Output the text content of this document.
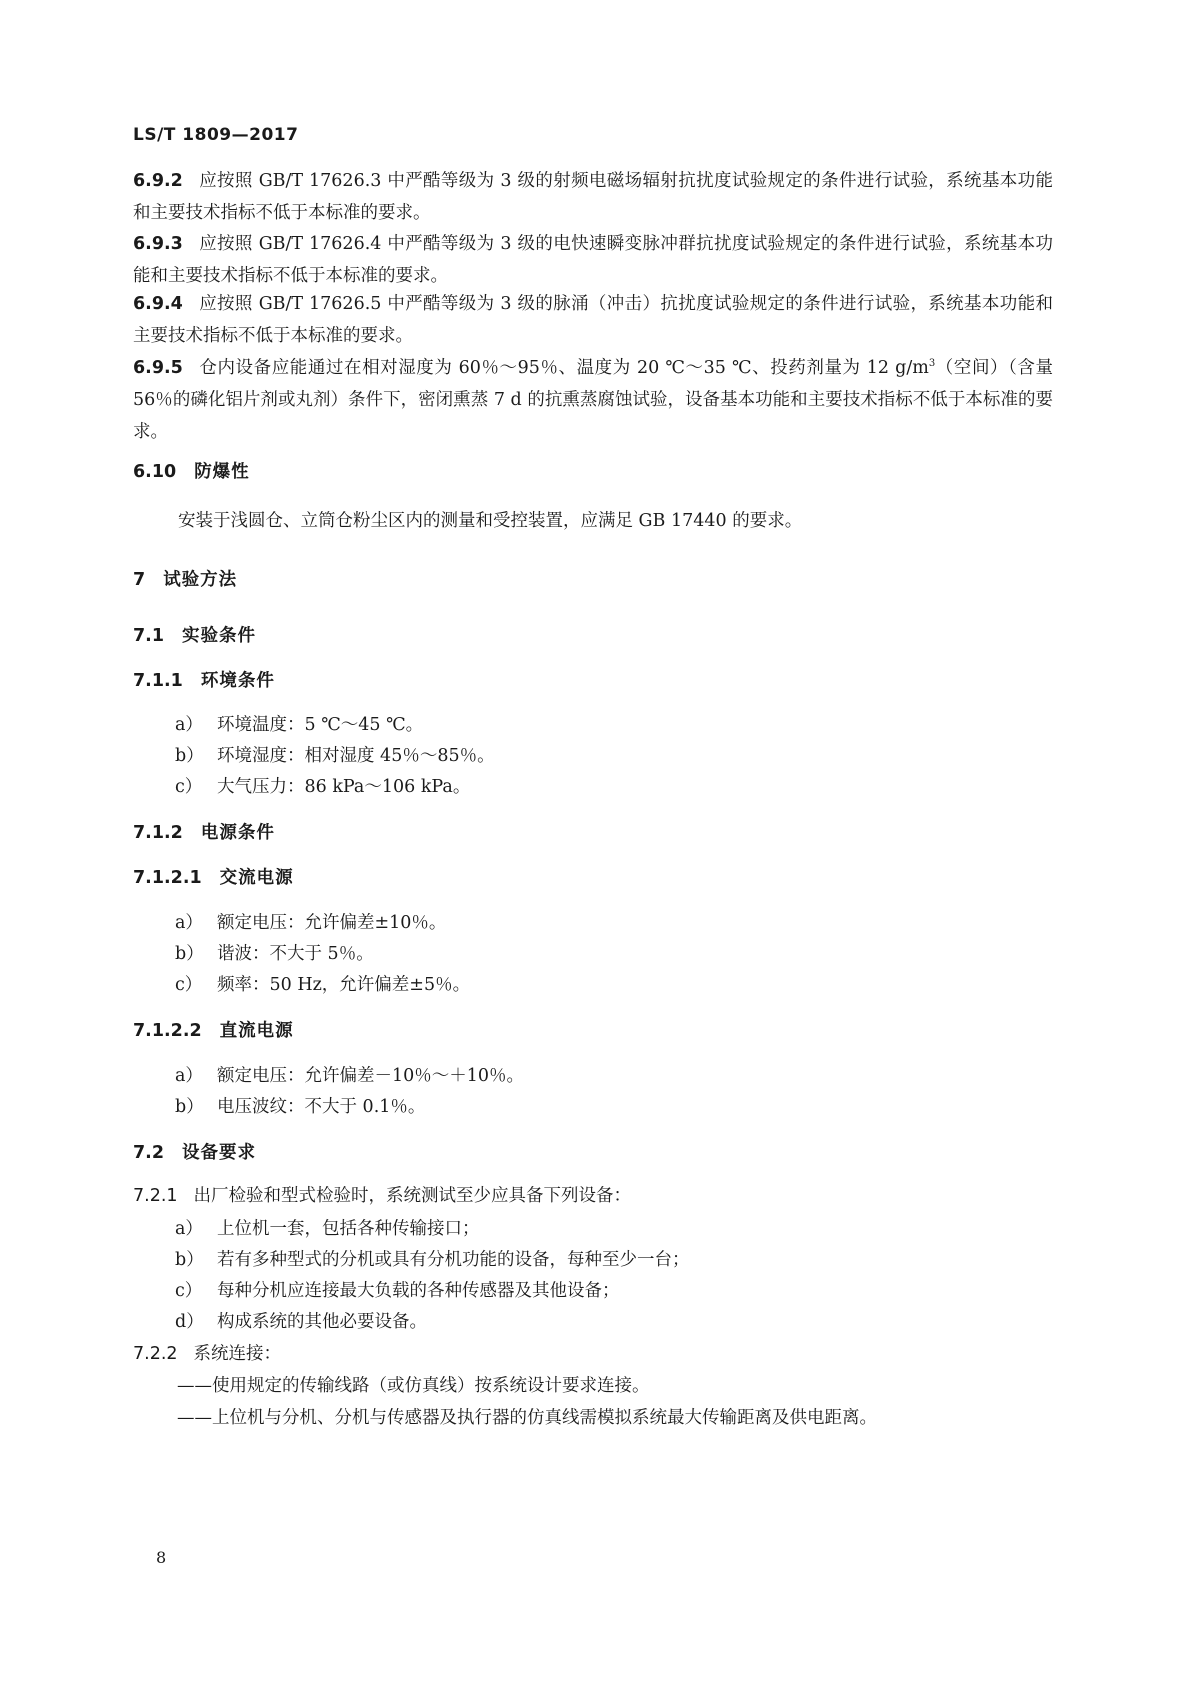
LS/T 1809—2017
6.9.2 应按照 GB/T 17626.3 中严酷等级为 3 级的射频电磁场辐射抗扰度试验规定的条件进行试验，系统基本功能和主要技术指标不低于本标准的要求。
6.9.3 应按照 GB/T 17626.4 中严酷等级为 3 级的电快速瞬变脉冲群抗扰度试验规定的条件进行试验，系统基本功能和主要技术指标不低于本标准的要求。
6.9.4 应按照 GB/T 17626.5 中严酷等级为 3 级的脉涌（冲击）抗扰度试验规定的条件进行试验，系统基本功能和主要技术指标不低于本标准的要求。
6.9.5 仓内设备应能通过在相对湿度为 60％～95％、温度为 20 ℃～35 ℃、投药剂量为 12 $g/m^3$（空间）（含量 56％的磷化铝片剂或丸剂）条件下，密闭熏蒸 7 d 的抗熏蒸腐蚀试验，设备基本功能和主要技术指标不低于本标准的要求。
6.10 防爆性
安装于浅圆仓、立筒仓粉尘区内的测量和受控装置，应满足 GB 17440 的要求。
7 试验方法
7.1 实验条件
7.1.1 环境条件
a） 环境温度：5 ℃～45 ℃。
b） 环境湿度：相对湿度 45％～85％。
c） 大气压力：86 kPa～106 kPa。
7.1.2 电源条件
7.1.2.1 交流电源
a） 额定电压：允许偏差±10％。
b） 谐波：不大于 5％。
c） 频率：50 Hz，允许偏差±5％。
7.1.2.2 直流电源
a） 额定电压：允许偏差－10％～＋10％。
b） 电压波纹：不大于 0.1％。
7.2 设备要求
7.2.1 出厂检验和型式检验时，系统测试至少应具备下列设备：
a） 上位机一套，包括各种传输接口；
b） 若有多种型式的分机或具有分机功能的设备，每种至少一台；
c） 每种分机应连接最大负载的各种传感器及其他设备；
d） 构成系统的其他必要设备。
7.2.2 系统连接：
——使用规定的传输线路（或仿真线）按系统设计要求连接。
——上位机与分机、分机与传感器及执行器的仿真线需模拟系统最大传输距离及供电距离。
8
